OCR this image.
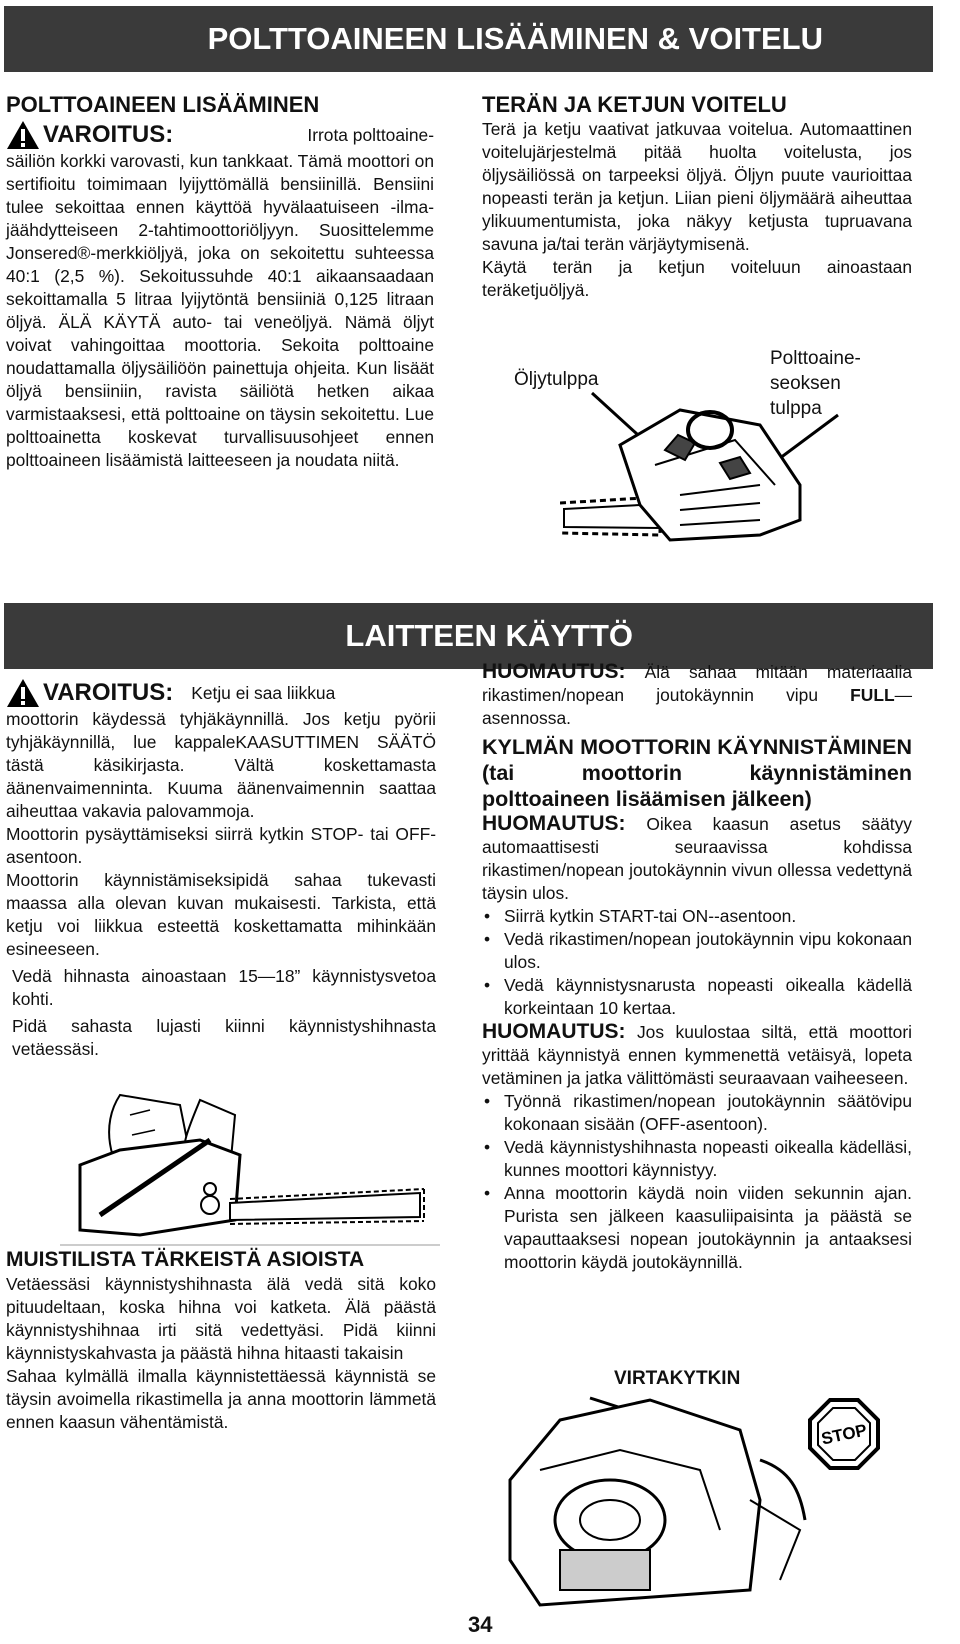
POLTTOAINEEN LISÄÄMINEN & VOITELU
LAITTEEN KÄYTTÖ
POLTTOAINEEN LISÄÄMINEN
VAROITUS:	Irrota polttoaine-

säiliön korkki varovasti, kun tankkaat. Tämä moottori on sertifioitu toimimaan lyijyttömällä bensiinillä. Bensiini tulee sekoittaa ennen käyttöä hyvälaatuiseen -ilma-jäähdytteiseen 2-tahtimoottoriöljyyn. Suosittelemme Jonsered®-merkkiöljyä, joka on sekoitettu suhteessa 40:1 (2,5 %). Sekoitussuhde 40:1 aikaansaadaan sekoittamalla 5 litraa lyijytöntä bensiiniä 0,125 litraan öljyä. ÄLÄ KÄYTÄ auto- tai veneöljyä. Nämä öljyt voivat vahingoittaa moottoria. Sekoita polttoaine noudattamalla öljysäiliöön painettuja ohjeita. Kun lisäät öljyä bensiiniin, ravista säiliötä hetken aikaa varmistaaksesi, että polttoaine on täysin sekoitettu. Lue polttoainetta koskevat turvallisuusohjeet ennen polttoaineen lisäämistä laitteeseen ja noudata niitä.

TERÄN JA KETJUN VOITELU

Terä ja ketju vaativat jatkuvaa voitelua. Automaattinen voitelujärjestelmä pitää huolta voitelusta, jos öljysäiliössä on tarpeeksi öljyä. Öljyn puute vaurioittaa nopeasti terän ja ketjun. Liian pieni öljymäärä aiheuttaa ylikuumentumista, joka näkyy ketjusta tupruavana savuna ja/tai terän värjäytymisenä.

Käytä terän ja ketjun voiteluun ainoastaan teräketjuöljyä.

Öljytulppa
Polttoaine-
seoksen
tulppa
VAROITUS: Ketju ei saa liikkua

moottorin käydessä tyhjäkäynnillä. Jos ketju pyörii tyhjäkäynnillä, lue kappaleKAASUTTIMEN SÄÄTÖ tästä käsikirjasta. Vältä koskettamasta äänenvaimenninta. Kuuma äänenvaimennin saattaa aiheuttaa vakavia palovammoja.

Moottorin pysäyttämiseksi siirrä kytkin STOP- tai OFF-asentoon.

Moottorin käynnistämiseksipidä sahaa tukevasti maassa alla olevan kuvan mukaisesti. Tarkista, että ketju voi liikkua esteettä koskettamatta mihinkään esineeseen.

Vedä hihnasta ainoastaan 15—18” käynnistysvetoa kohti.

Pidä sahasta lujasti kiinni käynnistyshihnasta vetäessäsi.

MUISTILISTA TÄRKEISTÄ ASIOISTA

Vetäessäsi käynnistyshihnasta älä vedä sitä koko pituudeltaan, koska hihna voi katketa. Älä päästä käynnistyshihnaa irti sitä vedettyäsi. Pidä kiinni käynnistyskahvasta ja päästä hihna hitaasti takaisin

Sahaa kylmällä ilmalla käynnistettäessä käynnistä se täysin avoimella rikastimella ja anna moottorin lämmetä ennen kaasun vähentämistä.

HUOMAUTUS: Älä sahaa mitään materiaalia rikastimen/nopean joutokäynnin vipu FULL—asennossa.

KYLMÄN MOOTTORIN KÄYNNISTÄMINEN (tai moottorin käynnistäminen polttoaineen lisäämisen jälkeen)

HUOMAUTUS: Oikea kaasun asetus säätyy automaattisesti seuraavissa kohdissa rikastimen/nopean joutokäynnin vivun ollessa vedettynä täysin ulos.

• Siirrä kytkin START-tai ON--asentoon.
• Vedä rikastimen/nopean joutokäynnin vipu kokonaan ulos.
• Vedä käynnistysnarusta nopeasti oikealla kädellä korkeintaan 10 kertaa.

HUOMAUTUS: Jos kuulostaa siltä, että moottori yrittää käynnistyä ennen kymmenettä vetäisyä, lopeta vetäminen ja jatka välittömästi seuraavaan vaiheeseen.

• Työnnä rikastimen/nopean joutokäynnin säätövipu kokonaan sisään (OFF-asentoon).
• Vedä käynnistyshihnasta nopeasti oikealla kädelläsi, kunnes moottori käynnistyy.
• Anna moottorin käydä noin viiden sekunnin ajan. Purista sen jälkeen kaasuliipaisinta ja päästä se vapauttaaksesi nopean joutokäynnin ja antaaksesi moottorin käydä joutokäynnillä.
VIRTAKYTKIN
STOP
34
